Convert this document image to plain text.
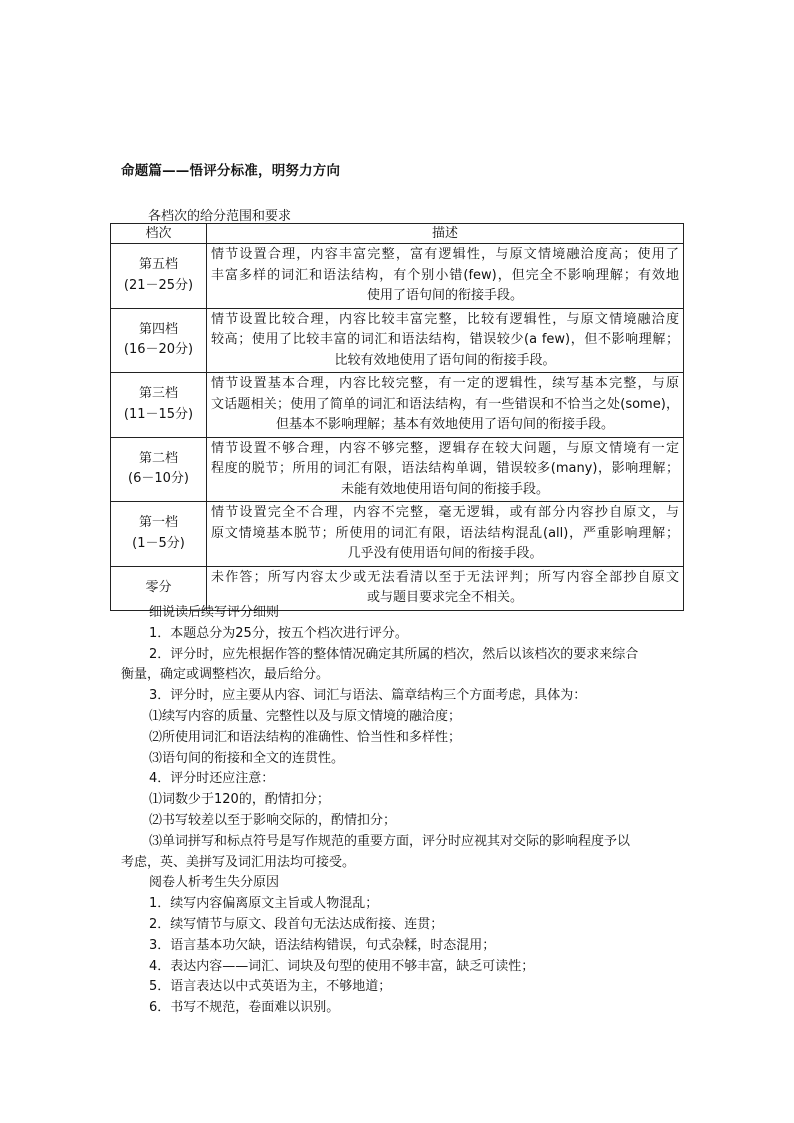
命题篇——悟评分标准，明努力方向
各档次的给分范围和要求
档次	描述

第五档
(21－25分)	情节设置合理，内容丰富完整，富有逻辑性，与原文情境融洽度高；使用了
丰富多样的词汇和语法结构，有个别小错(few)，但完全不影响理解；有效地
使用了语句间的衔接手段。

第四档
(16－20分)	情节设置比较合理，内容比较丰富完整，比较有逻辑性，与原文情境融洽度
较高；使用了比较丰富的词汇和语法结构，错误较少(a few)，但不影响理解；
比较有效地使用了语句间的衔接手段。

第三档
(11－15分)	情节设置基本合理，内容比较完整，有一定的逻辑性，续写基本完整，与原
文话题相关；使用了简单的词汇和语法结构，有一些错误和不恰当之处(some)，
但基本不影响理解；基本有效地使用了语句间的衔接手段。

第二档
(6－10分)	情节设置不够合理，内容不够完整，逻辑存在较大问题，与原文情境有一定
程度的脱节；所用的词汇有限，语法结构单调，错误较多(many)，影响理解；
未能有效地使用语句间的衔接手段。

第一档
(1－5分)	情节设置完全不合理，内容不完整，毫无逻辑，或有部分内容抄自原文，与
原文情境基本脱节；所使用的词汇有限，语法结构混乱(all)，严重影响理解；
几乎没有使用语句间的衔接手段。

零分	未作答；所写内容太少或无法看清以至于无法评判；所写内容全部抄自原文
或与题目要求完全不相关。
细说读后续写评分细则
1．本题总分为25分，按五个档次进行评分。
2．评分时，应先根据作答的整体情况确定其所属的档次，然后以该档次的要求来综合
衡量，确定或调整档次，最后给分。
3．评分时，应主要从内容、词汇与语法、篇章结构三个方面考虑，具体为：
⑴续写内容的质量、完整性以及与原文情境的融洽度；
⑵所使用词汇和语法结构的准确性、恰当性和多样性；
⑶语句间的衔接和全文的连贯性。
4．评分时还应注意：
⑴词数少于120的，酌情扣分；
⑵书写较差以至于影响交际的，酌情扣分；
⑶单词拼写和标点符号是写作规范的重要方面，评分时应视其对交际的影响程度予以
考虑，英、美拼写及词汇用法均可接受。
阅卷人析考生失分原因
1．续写内容偏离原文主旨或人物混乱；
2．续写情节与原文、段首句无法达成衔接、连贯；
3．语言基本功欠缺，语法结构错误，句式杂糅，时态混用；
4．表达内容——词汇、词块及句型的使用不够丰富，缺乏可读性；
5．语言表达以中式英语为主，不够地道；
6．书写不规范，卷面难以识别。
